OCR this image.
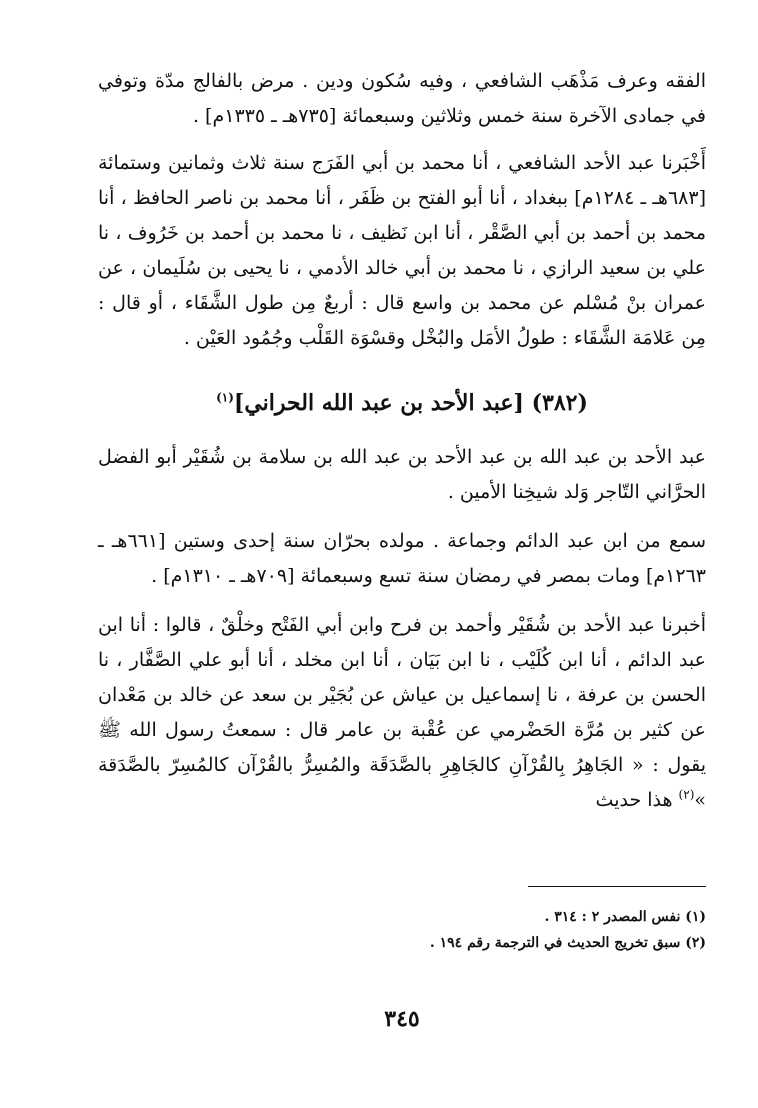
الفقه وعرف مَذْهَب الشافعي ، وفيه سُكون ودين . مرض بالفالج مدّة وتوفي في جمادى الآخرة سنة خمس وثلاثين وسبعمائة [٧٣٥هـ ـ ١٣٣٥م] .

أَخْبَرنا عبد الأحد الشافعي ، أنا محمد بن أبي الفَرَج سنة ثلاث وثمانين وستمائة [٦٨٣هـ ـ ١٢٨٤م] ببغداد ، أنا أبو الفتح بن ظَفَر ، أنا محمد بن ناصر الحافظ ، أنا محمد بن أحمد بن أبي الصَّقْر ، أنا ابن نَظيف ، نا محمد بن أحمد بن خَرُوف ، نا علي بن سعيد الرازي ، نا محمد بن أبي خالد الأدمي ، نا يحيى بن سُلَيمان ، عن عمران بنْ مُسْلم عن محمد بن واسع قال : أربعٌ مِن طول الشَّقَاء ، أو قال : مِن عَلامَة الشَّقَاء : طولُ الأمَل والبُخْل وقسْوَة القَلْب وجُمُود العَيْن .

(٣٨٢) [عبد الأحد بن عبد الله الحراني]$^{(١)}$

عبد الأحد بن عبد الله بن عبد الأحد بن عبد الله بن سلامة بن شُقَيْر أبو الفضل الحرَّاني التّاجر وَلد شيخِنا الأمين .

سمع من ابن عبد الدائم وجماعة . مولده بحرّان سنة إحدى وستين [٦٦١هـ ـ ١٢٦٣م] ومات بمصر في رمضان سنة تسع وسبعمائة [٧٠٩هـ ـ ١٣١٠م] .

أخبرنا عبد الأحد بن شُقَيْر وأحمد بن فرح وابن أبي الفَتْح وخلْقٌ ، قالوا : أنا ابن عبد الدائم ، أنا ابن كُلَيْب ، نا ابن بَيَان ، أنا ابن مخلد ، أنا أبو علي الصَّفَّار ، نا الحسن بن عرفة ، نا إسماعيل بن عياش عن بُجَيْر بن سعد عن خالد بن مَعْدان عن كثير بن مُرَّة الحَضْرمي عن عُقْبة بن عامر قال : سمعتُ رسول الله ﷺ يقول : « الجَاهِرُ بِالقُرْآنِ كالجَاهِرِ بالصَّدَقَة والمُسِرُّ بالقُرْآن كالمُسِرّ بالصَّدَقة »$^{(٢)}$ هذا حديث

(١) نفس المصدر ٢ : ٣١٤ .
(٢) سبق تخريج الحديث في الترجمة رقم ١٩٤ .
٣٤٥
